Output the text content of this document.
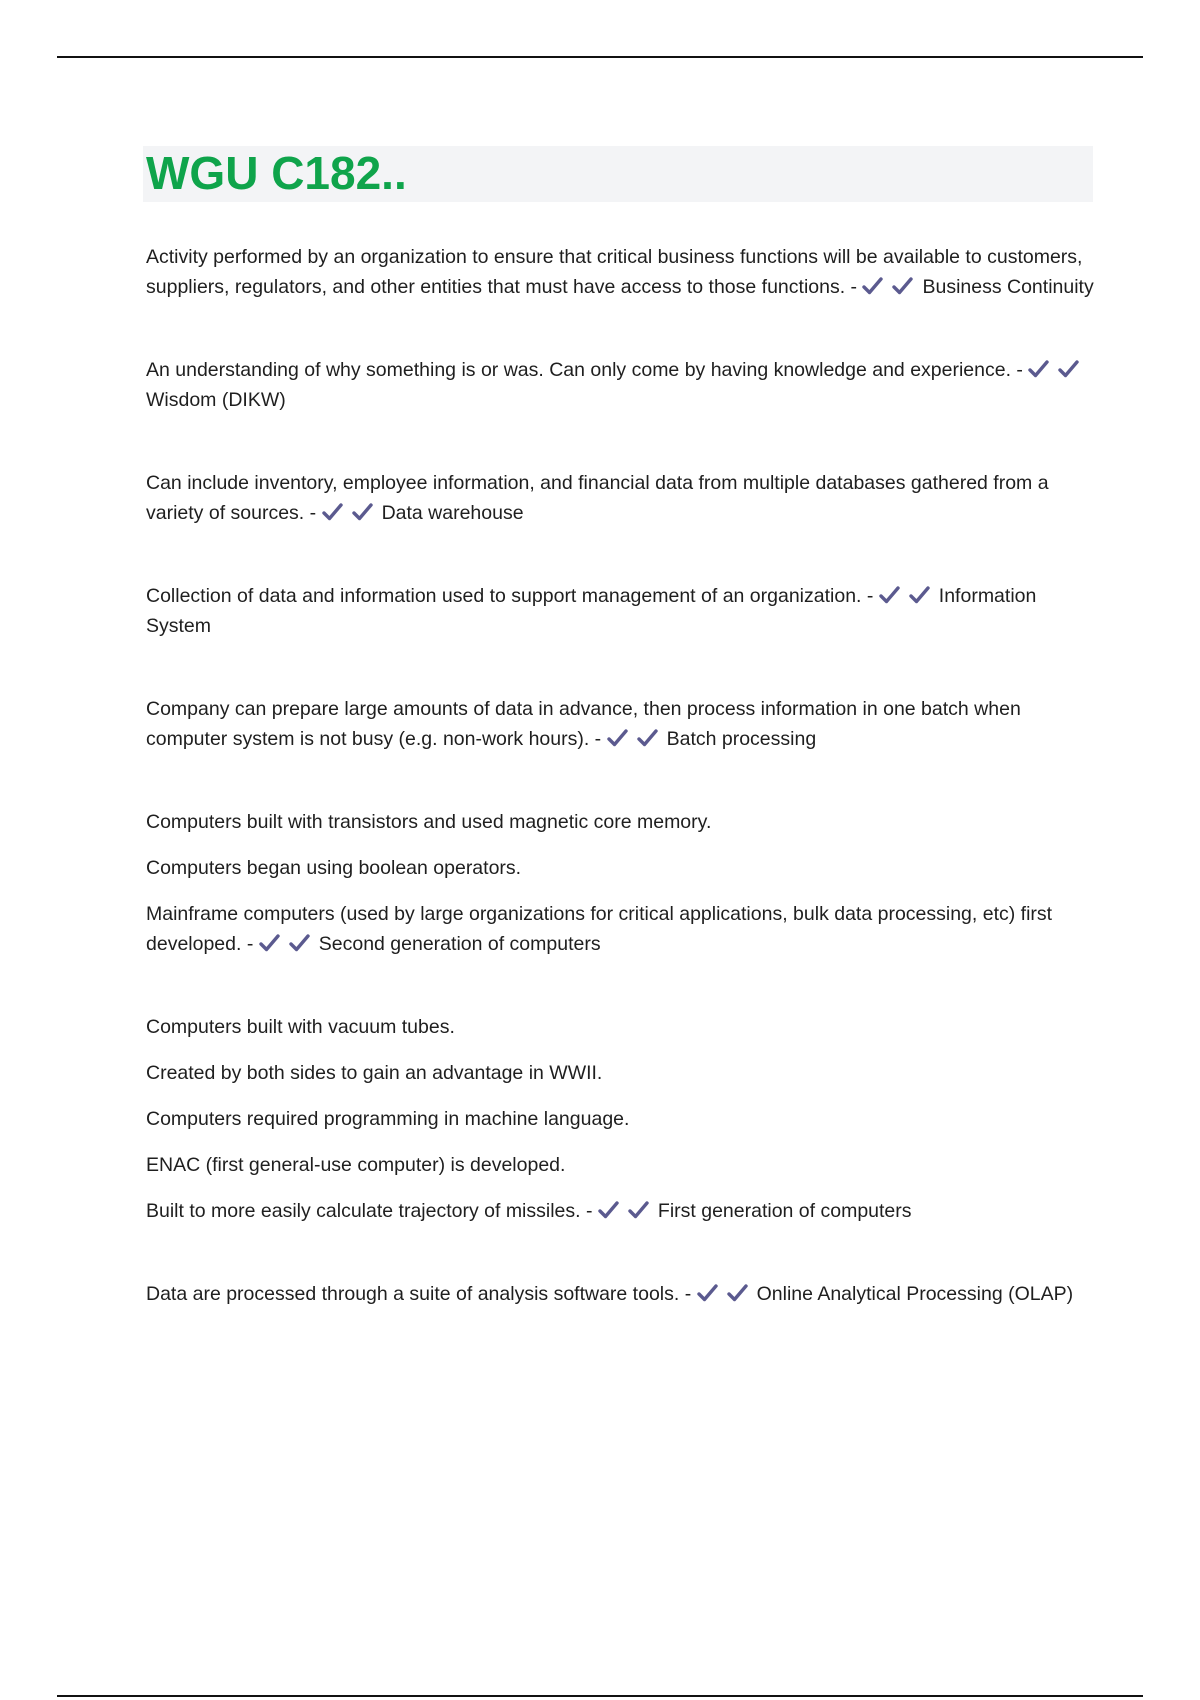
WGU C182..

Activity performed by an organization to ensure that critical business functions will be available to customers, suppliers, regulators, and other entities that must have access to those functions. -	Business Continuity

An understanding of why something is or was. Can only come by having knowledge and experience. -
Wisdom (DIKW)

Can include inventory, employee information, and financial data from multiple databases gathered from a variety of sources. -	Data warehouse

Collection of data and information used to support management of an organization. -	Information System

Company can prepare large amounts of data in advance, then process information in one batch when computer system is not busy (e.g. non-work hours). -	Batch processing

Computers built with transistors and used magnetic core memory.

Computers began using boolean operators.

Mainframe computers (used by large organizations for critical applications, bulk data processing, etc) first developed. -	Second generation of computers

Computers built with vacuum tubes.

Created by both sides to gain an advantage in WWII.

Computers required programming in machine language.

ENAC (first general-use computer) is developed.

Built to more easily calculate trajectory of missiles. -	First generation of computers

Data are processed through a suite of analysis software tools. -	Online Analytical Processing (OLAP)
